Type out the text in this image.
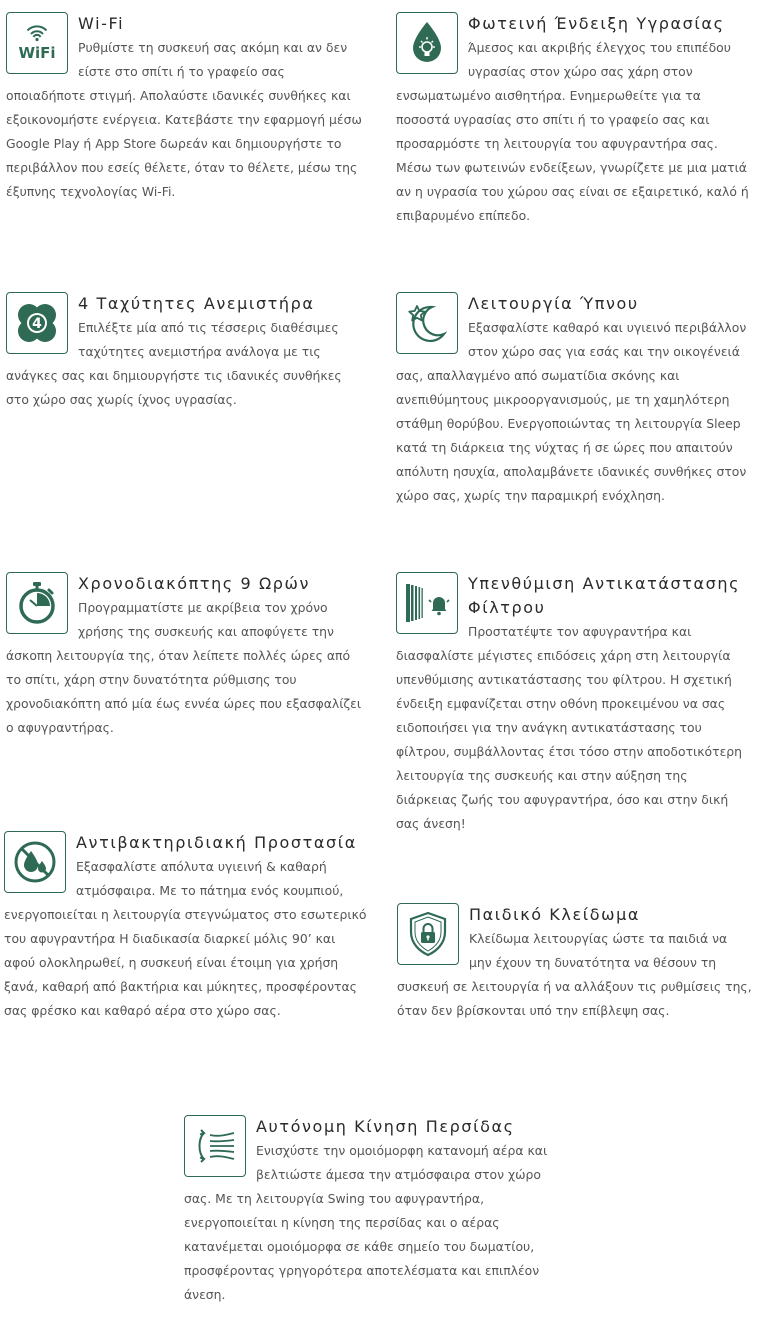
WiFi
Wi-Fi

Ρυθμίστε τη συσκευή σας ακόμη και αν δεν είστε στο σπίτι ή το γραφείο σας οποιαδήποτε στιγμή. Απολαύστε ιδανικές συνθήκες και εξοικονομήστε ενέργεια. Κατεβάστε την εφαρμογή μέσω Google Play ή App Store δωρεάν και δημιουργήστε το περιβάλλον που εσείς θέλετε, όταν το θέλετε, μέσω της έξυπνης τεχνολογίας Wi-Fi.

Φωτεινή Ένδειξη Υγρασίας

Άμεσος και ακριβής έλεγχος του επιπέδου υγρασίας στον χώρο σας χάρη στον ενσωματωμένο αισθητήρα. Ενημερωθείτε για τα ποσοστά υγρασίας στο σπίτι ή το γραφείο σας και προσαρμόστε τη λειτουργία του αφυγραντήρα σας. Μέσω των φωτεινών ενδείξεων, γνωρίζετε με μια ματιά αν η υγρασία του χώρου σας είναι σε εξαιρετικό, καλό ή επιβαρυμένο επίπεδο.

4
4 Ταχύτητες Ανεμιστήρα

Επιλέξτε μία από τις τέσσερις διαθέσιμες ταχύτητες ανεμιστήρα ανάλογα με τις ανάγκες σας και δημιουργήστε τις ιδανικές συνθήκες στο χώρο σας χωρίς ίχνος υγρασίας.

Λειτουργία Ύπνου

Εξασφαλίστε καθαρό και υγιεινό περιβάλλον στον χώρο σας για εσάς και την οικογένειά σας, απαλλαγμένο από σωματίδια σκόνης και ανεπιθύμητους μικροοργανισμούς, με τη χαμηλότερη στάθμη θορύβου. Ενεργοποιώντας τη λειτουργία Sleep κατά τη διάρκεια της νύχτας ή σε ώρες που απαιτούν απόλυτη ησυχία, απολαμβάνετε ιδανικές συνθήκες στον χώρο σας, χωρίς την παραμικρή ενόχληση.

Χρονοδιακόπτης 9 Ωρών

Προγραμματίστε με ακρίβεια τον χρόνο χρήσης της συσκευής και αποφύγετε την άσκοπη λειτουργία της, όταν λείπετε πολλές ώρες από το σπίτι, χάρη στην δυνατότητα ρύθμισης του χρονοδιακόπτη από μία έως εννέα ώρες που εξασφαλίζει ο αφυγραντήρας.

Υπενθύμιση Αντικατάστασης Φίλτρου

Προστατέψτε τον αφυγραντήρα και διασφαλίστε μέγιστες επιδόσεις χάρη στη λειτουργία υπενθύμισης αντικατάστασης του φίλτρου. Η σχετική ένδειξη εμφανίζεται στην οθόνη προκειμένου να σας ειδοποιήσει για την ανάγκη αντικατάστασης του φίλτρου, συμβάλλοντας έτσι τόσο στην αποδοτικότερη λειτουργία της συσκευής και στην αύξηση της διάρκειας ζωής του αφυγραντήρα, όσο και στην δική σας άνεση!

Αντιβακτηριδιακή Προστασία

Εξασφαλίστε απόλυτα υγιεινή & καθαρή ατμόσφαιρα. Με το πάτημα ενός κουμπιού, ενεργοποιείται η λειτουργία στεγνώματος στο εσωτερικό του αφυγραντήρα Η διαδικασία διαρκεί μόλις 90’ και αφού ολοκληρωθεί, η συσκευή είναι έτοιμη για χρήση ξανά, καθαρή από βακτήρια και μύκητες, προσφέροντας σας φρέσκο και καθαρό αέρα στο χώρο σας.

Παιδικό Κλείδωμα

Κλείδωμα λειτουργίας ώστε τα παιδιά να μην έχουν τη δυνατότητα να θέσουν τη συσκευή σε λειτουργία ή να αλλάξουν τις ρυθμίσεις της, όταν δεν βρίσκονται υπό την επίβλεψη σας.

Αυτόνομη Κίνηση Περσίδας

Ενισχύστε την ομοιόμορφη κατανομή αέρα και βελτιώστε άμεσα την ατμόσφαιρα στον χώρο σας. Με τη λειτουργία Swing του αφυγραντήρα, ενεργοποιείται η κίνηση της περσίδας και ο αέρας κατανέμεται ομοιόμορφα σε κάθε σημείο του δωματίου, προσφέροντας γρηγορότερα αποτελέσματα και επιπλέον άνεση.
